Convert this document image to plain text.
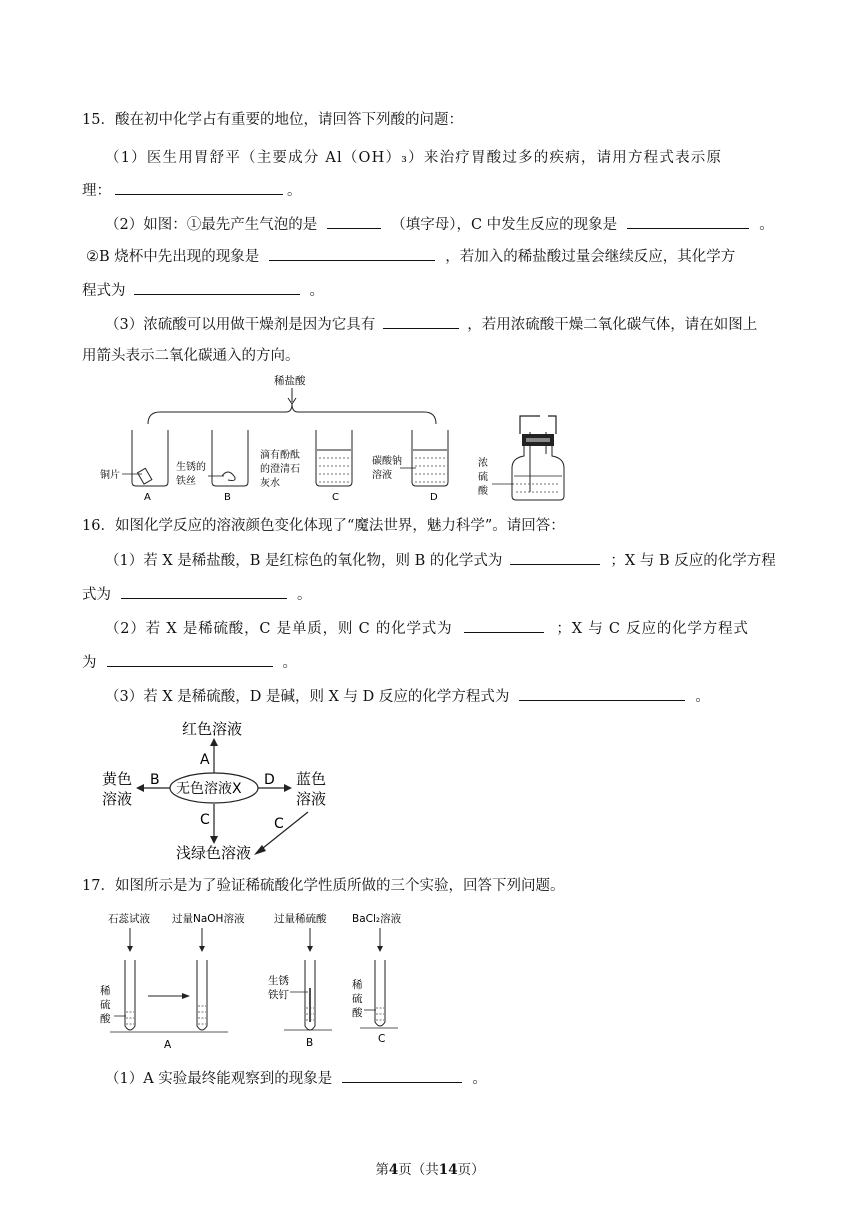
15．酸在初中化学占有重要的地位，请回答下列酸的问题：
（1）医生用胃舒平（主要成分 Al（OH）₃）来治疗胃酸过多的疾病，请用方程式表示原
理：	。
（2）如图：①最先产生气泡的是	（填字母），C 中发生反应的现象是	。
②B 烧杯中先出现的现象是	，若加入的稀盐酸过量会继续反应，其化学方
程式为	。
（3）浓硫酸可以用做干燥剂是因为它具有	，若用浓硫酸干燥二氧化碳气体，请在如图上
用箭头表示二氧化碳通入的方向。
稀盐酸
铜片
A
生锈的
铁丝
B
滴有酚酞
的澄清石
灰水
C
碳酸钠
溶液
D
浓
硫
酸
16．如图化学反应的溶液颜色变化体现了“魔法世界，魅力科学”。请回答：
（1）若 X 是稀盐酸，B 是红棕色的氧化物，则 B 的化学式为	；X 与 B 反应的化学方程
式为	。
（2）若 X 是稀硫酸，C 是单质，则 C 的化学式为	；X 与 C 反应的化学方程式
为	。
（3）若 X 是稀硫酸，D 是碱，则 X 与 D 反应的化学方程式为	。
红色溶液
A
无色溶液X
B
黄色
溶液
D 蓝色
溶液
C	C
浅绿色溶液
17．如图所示是为了验证稀硫酸化学性质所做的三个实验，回答下列问题。
石蕊试液
稀
硫
酸
过量NaOH溶液
A
过量稀硫酸
生锈
铁钉
B
BaCl₂溶液
稀
硫
酸
C
（1）A 实验最终能观察到的现象是	。
第4页（共14页）
